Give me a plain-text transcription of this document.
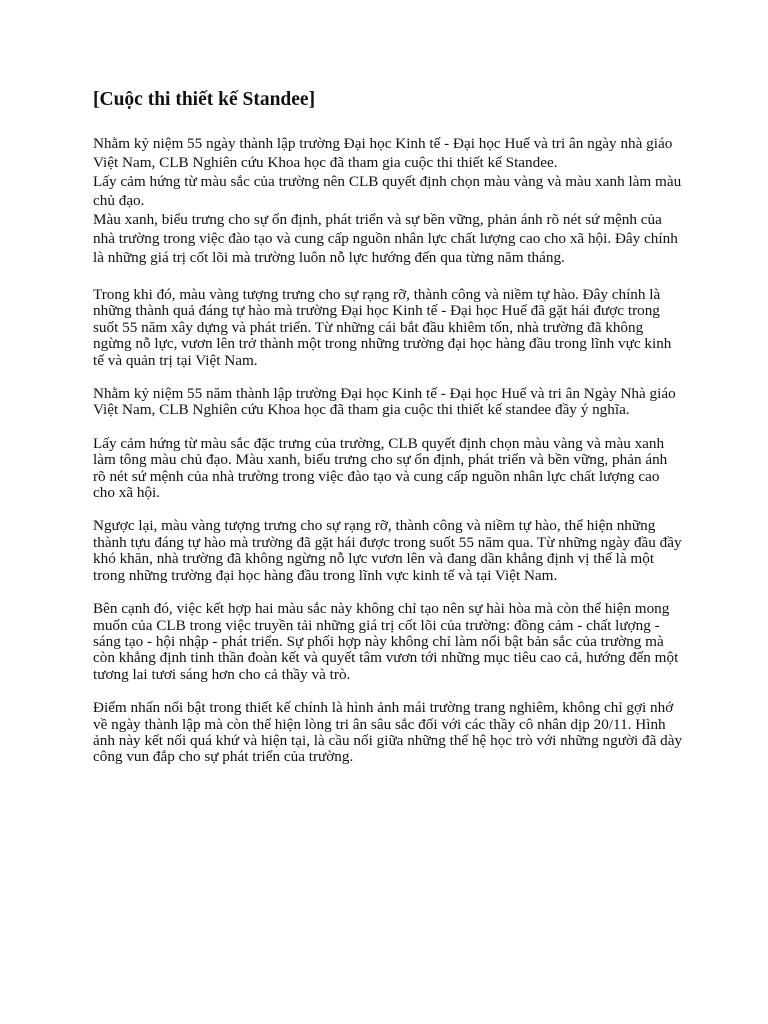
[Cuộc thi thiết kế Standee]

Nhằm kỷ niệm 55 ngày thành lập trường Đại học Kinh tế - Đại học Huế và tri ân ngày nhà giáo Việt Nam, CLB Nghiên cứu Khoa học đã tham gia cuộc thi thiết kế Standee.

Lấy cảm hứng từ màu sắc của trường nên CLB quyết định chọn màu vàng và màu xanh làm màu chủ đạo.

Màu xanh, biểu trưng cho sự ổn định, phát triển và sự bền vững, phản ánh rõ nét sứ mệnh của nhà trường trong việc đào tạo và cung cấp nguồn nhân lực chất lượng cao cho xã hội. Đây chính là những giá trị cốt lõi mà trường luôn nỗ lực hướng đến qua từng năm tháng.

Trong khi đó, màu vàng tượng trưng cho sự rạng rỡ, thành công và niềm tự hào. Đây chính là những thành quả đáng tự hào mà trường Đại học Kinh tế - Đại học Huế đã gặt hái được trong suốt 55 năm xây dựng và phát triển. Từ những cái bắt đầu khiêm tốn, nhà trường đã không ngừng nỗ lực, vươn lên trở thành một trong những trường đại học hàng đầu trong lĩnh vực kinh tế và quản trị tại Việt Nam.

Nhằm kỷ niệm 55 năm thành lập trường Đại học Kinh tế - Đại học Huế và tri ân Ngày Nhà giáo Việt Nam, CLB Nghiên cứu Khoa học đã tham gia cuộc thi thiết kế standee đầy ý nghĩa.

Lấy cảm hứng từ màu sắc đặc trưng của trường, CLB quyết định chọn màu vàng và màu xanh làm tông màu chủ đạo. Màu xanh, biểu trưng cho sự ổn định, phát triển và bền vững, phản ánh rõ nét sứ mệnh của nhà trường trong việc đào tạo và cung cấp nguồn nhân lực chất lượng cao cho xã hội.

Ngược lại, màu vàng tượng trưng cho sự rạng rỡ, thành công và niềm tự hào, thể hiện những thành tựu đáng tự hào mà trường đã gặt hái được trong suốt 55 năm qua. Từ những ngày đầu đầy khó khăn, nhà trường đã không ngừng nỗ lực vươn lên và đang dần khẳng định vị thế là một trong những trường đại học hàng đầu trong lĩnh vực kinh tế và tại Việt Nam.

Bên cạnh đó, việc kết hợp hai màu sắc này không chỉ tạo nên sự hài hòa mà còn thể hiện mong muốn của CLB trong việc truyền tải những giá trị cốt lõi của trường: đồng cảm - chất lượng - sáng tạo - hội nhập - phát triển. Sự phối hợp này không chỉ làm nổi bật bản sắc của trường mà còn khẳng định tinh thần đoàn kết và quyết tâm vươn tới những mục tiêu cao cả, hướng đến một tương lai tươi sáng hơn cho cả thầy và trò.

Điểm nhấn nổi bật trong thiết kế chính là hình ảnh mái trường trang nghiêm, không chỉ gợi nhớ về ngày thành lập mà còn thể hiện lòng tri ân sâu sắc đối với các thầy cô nhân dịp 20/11. Hình ảnh này kết nối quá khứ và hiện tại, là cầu nối giữa những thế hệ học trò với những người đã dày công vun đắp cho sự phát triển của trường.
